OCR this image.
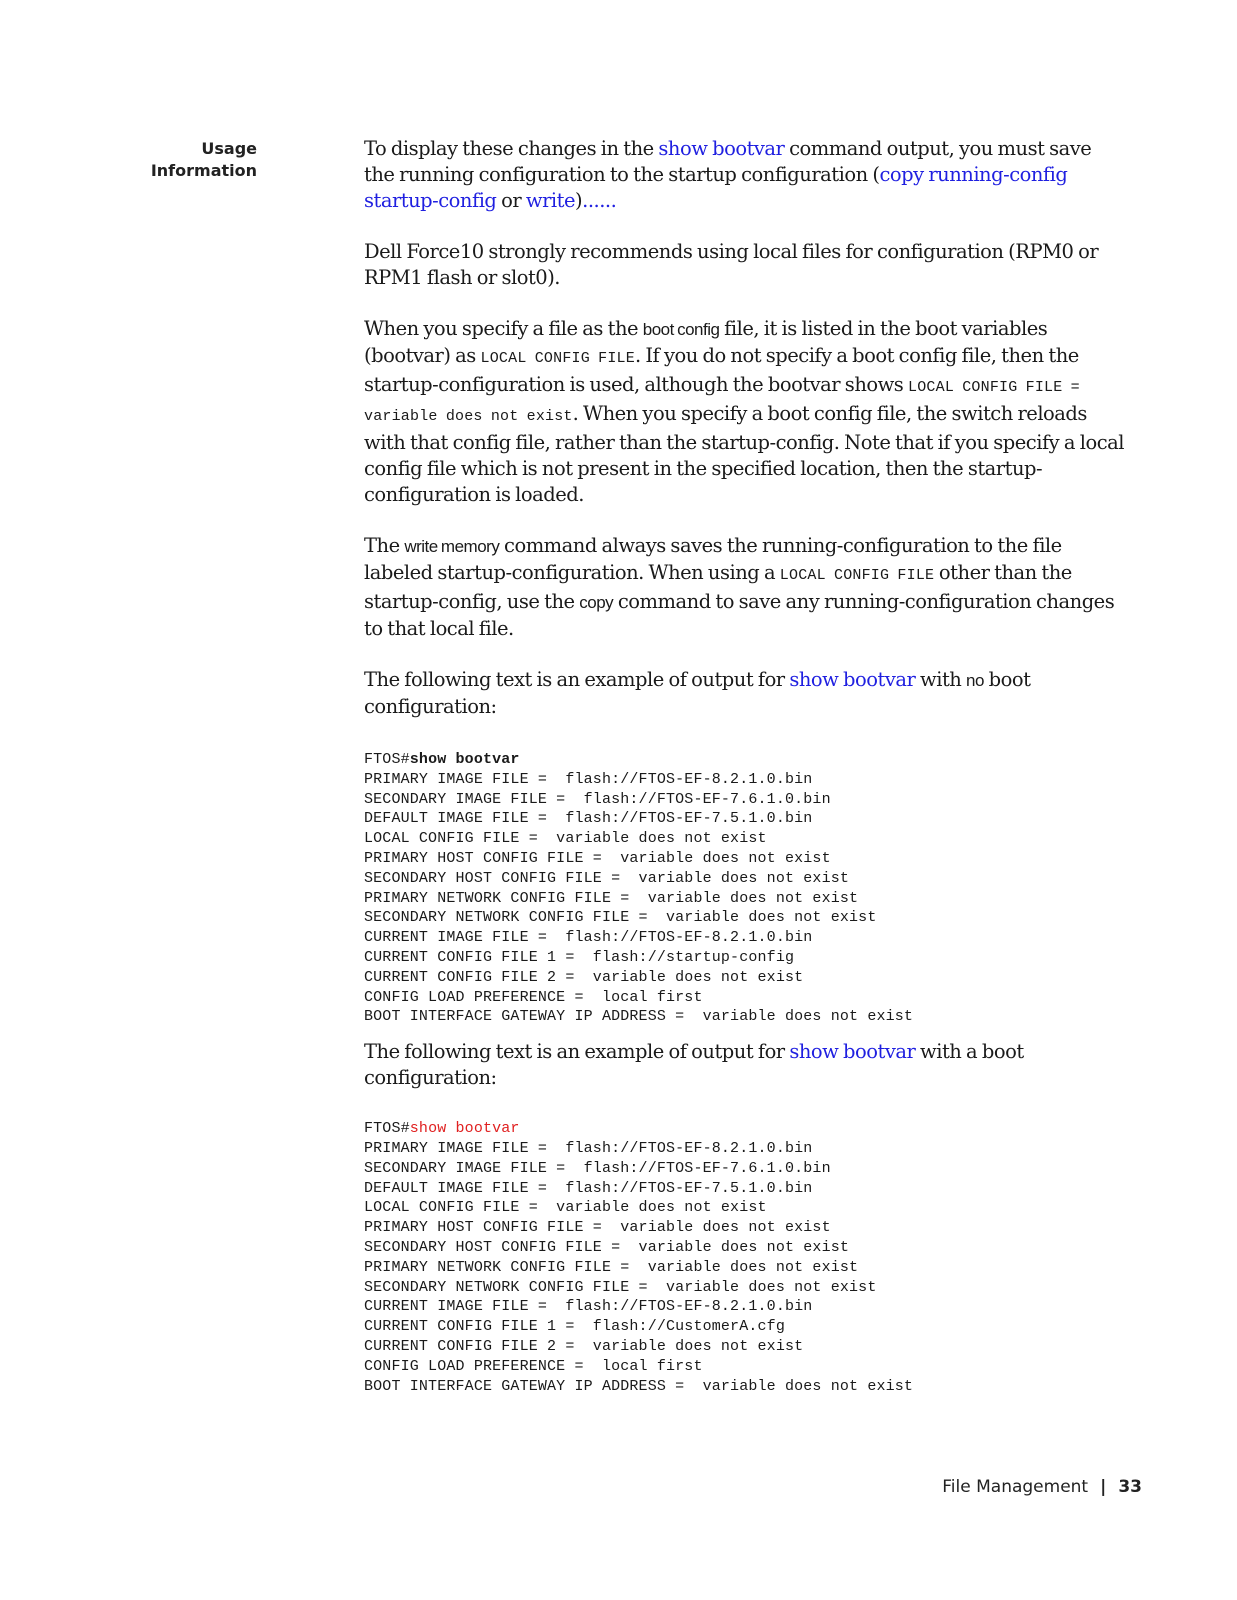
Usage
Information

To display these changes in the show bootvar command output, you must save the running configuration to the startup configuration (copy running-config startup-config or write)......

Dell Force10 strongly recommends using local files for configuration (RPM0 or RPM1 flash or slot0).

When you specify a file as the boot config file, it is listed in the boot variables (bootvar) as LOCAL CONFIG FILE. If you do not specify a boot config file, then the startup-configuration is used, although the bootvar shows LOCAL CONFIG FILE = variable does not exist. When you specify a boot config file, the switch reloads with that config file, rather than the startup-config. Note that if you specify a local config file which is not present in the specified location, then the startup-configuration is loaded.

The write memory command always saves the running-configuration to the file labeled startup-configuration. When using a LOCAL CONFIG FILE other than the startup-config, use the copy command to save any running-configuration changes to that local file.

The following text is an example of output for show bootvar with no boot configuration:

FTOS#show bootvar
PRIMARY IMAGE FILE =  flash://FTOS-EF-8.2.1.0.bin
SECONDARY IMAGE FILE =  flash://FTOS-EF-7.6.1.0.bin
DEFAULT IMAGE FILE =  flash://FTOS-EF-7.5.1.0.bin
LOCAL CONFIG FILE =  variable does not exist
PRIMARY HOST CONFIG FILE =  variable does not exist
SECONDARY HOST CONFIG FILE =  variable does not exist
PRIMARY NETWORK CONFIG FILE =  variable does not exist
SECONDARY NETWORK CONFIG FILE =  variable does not exist
CURRENT IMAGE FILE =  flash://FTOS-EF-8.2.1.0.bin
CURRENT CONFIG FILE 1 =  flash://startup-config
CURRENT CONFIG FILE 2 =  variable does not exist
CONFIG LOAD PREFERENCE =  local first
BOOT INTERFACE GATEWAY IP ADDRESS =  variable does not exist

The following text is an example of output for show bootvar with a boot configuration:

FTOS#show bootvar
PRIMARY IMAGE FILE =  flash://FTOS-EF-8.2.1.0.bin
SECONDARY IMAGE FILE =  flash://FTOS-EF-7.6.1.0.bin
DEFAULT IMAGE FILE =  flash://FTOS-EF-7.5.1.0.bin
LOCAL CONFIG FILE =  variable does not exist
PRIMARY HOST CONFIG FILE =  variable does not exist
SECONDARY HOST CONFIG FILE =  variable does not exist
PRIMARY NETWORK CONFIG FILE =  variable does not exist
SECONDARY NETWORK CONFIG FILE =  variable does not exist
CURRENT IMAGE FILE =  flash://FTOS-EF-8.2.1.0.bin
CURRENT CONFIG FILE 1 =  flash://CustomerA.cfg
CURRENT CONFIG FILE 2 =  variable does not exist
CONFIG LOAD PREFERENCE =  local first
BOOT INTERFACE GATEWAY IP ADDRESS =  variable does not exist
File Management | 33
